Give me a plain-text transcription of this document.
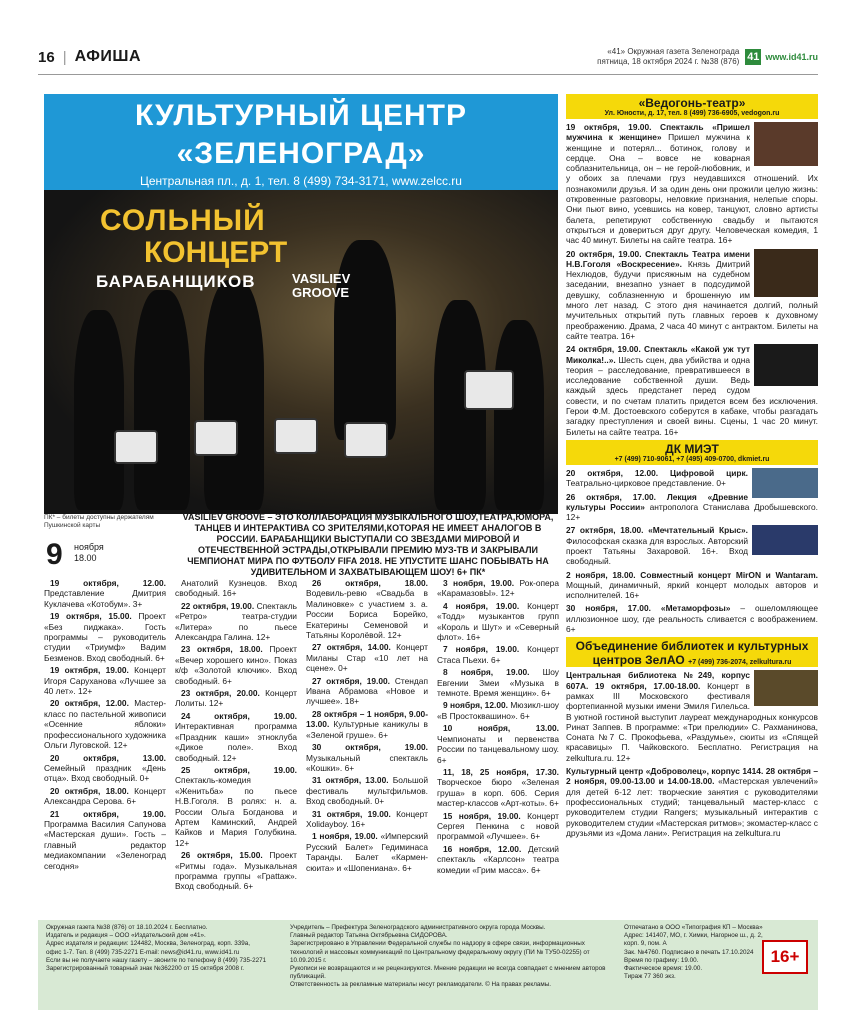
16 | АФИША	«41» Окружная газета Зеленограда
пятница, 18 октября 2024 г. №38 (876) 41 www.id41.ru
КУЛЬТУРНЫЙ ЦЕНТР
«ЗЕЛЕНОГРАД»
Центральная пл., д. 1, тел. 8 (499) 734-3171, www.zelcc.ru
СОЛЬНЫЙ
КОНЦЕРТ
БАРАБАНЩИКОВ	VASILIEV
GROOVE
ПК* – билеты доступны держателям Пушкинской карты
9 ноября
18.00
VASILIEV GROOVE – ЭТО КОЛЛАБОРАЦИЯ МУЗЫКАЛЬНОГО ШОУ,ТЕАТРА,ЮМОРА, ТАНЦЕВ И ИНТЕРАКТИВА СО ЗРИТЕЛЯМИ,КОТОРАЯ НЕ ИМЕЕТ АНАЛОГОВ В РОССИИ. БАРАБАНЩИКИ ВЫСТУПАЛИ СО ЗВЕЗДАМИ МИРОВОЙ И ОТЕЧЕСТВЕННОЙ ЭСТРАДЫ,ОТКРЫВАЛИ ПРЕМИЮ МУЗ-ТВ И ЗАКРЫВАЛИ ЧЕМПИОНАТ МИРА ПО ФУТБОЛУ FIFA 2018. НЕ УПУСТИТЕ ШАНС ПОБЫВАТЬ НА УДИВИТЕЛЬНОМ И ЗАХВАТЫВАЮЩЕМ ШОУ! 6+ ПК*

19 октября, 12.00. Представление Дмитрия Куклачева «Котобум». 3+

19 октября, 15.00. Проект «Без пиджака». Гость программы – руководитель студии «Триумф» Вадим Безменов. Вход свободный. 6+

19 октября, 19.00. Концерт Игоря Саруханова «Лучшее за 40 лет». 12+

20 октября, 12.00. Мастер-класс по пастельной живописи «Осенние яблоки» профессионального художника Ольги Луговской. 12+

20 октября, 13.00. Семейный праздник «День отца». Вход свободный. 0+

20 октября, 18.00. Концерт Александра Серова. 6+

21 октября, 19.00. Программа Василия Сапунова «Мастерская души». Гость – главный редактор медиакомпании «Зеленоград сегодня»

Анатолий Кузнецов. Вход свободный. 16+

22 октября, 19.00. Спектакль «Ретро» театра-студии «Литера» по пьесе Александра Галина. 12+

23 октября, 18.00. Проект «Вечер хорошего кино». Показ к/ф «Золотой ключик». Вход свободный. 6+

23 октября, 20.00. Концерт Лолиты. 12+

24 октября, 19.00. Интерактивная программа «Праздник каши» этноклуба «Дикое поле». Вход свободный. 12+

25 октября, 19.00. Спектакль-комедия «Женитьба» по пьесе Н.В.Гоголя. В ролях: н. а. России Ольга Богданова и Артем Каминский, Андрей Кайков и Мария Голубкина. 12+

26 октября, 15.00. Проект «Ритмы года». Музыкальная программа группы «Грattаж». Вход свободный. 6+

26 октября, 18.00. Водевиль-ревю «Свадьба в Малиновке» с участием з. а. России Бориса Борейко, Екатерины Семеновой и Татьяны Королёвой. 12+

27 октября, 14.00. Концерт Миланы Стар «10 лет на сцене». 0+

27 октября, 19.00. Стендап Ивана Абрамова «Новое и лучшее». 18+

28 октября – 1 ноября, 9.00-13.00. Культурные каникулы в «Зеленой груше». 6+

30 октября, 19.00. Музыкальный спектакль «Кошки». 6+

31 октября, 13.00. Большой фестиваль мультфильмов. Вход свободный. 0+

31 октября, 19.00. Концерт Xolidayboy. 16+

1 ноября, 19.00. «Имперский Русский Балет» Гедиминаса Таранды. Балет «Кармен-сюита» и «Шопениана». 6+

3 ноября, 19.00. Рок-опера «КарамазовЫ». 12+

4 ноября, 19.00. Концерт «Тодд» музыкантов групп «Король и Шут» и «Северный флот». 16+

7 ноября, 19.00. Концерт Стаса Пьехи. 6+

8 ноября, 19.00. Шоу Евгении Змеи «Музыка в темноте. Время женщин». 6+

9 ноября, 12.00. Мюзикл-шоу «В Простоквашино». 6+

10 ноября, 13.00. Чемпионаты и первенства России по танцевальному шоу. 6+

11, 18, 25 ноября, 17.30. Творческое бюро «Зеленая груша» в корп. 606. Серия мастер-классов «Арт-коты». 6+

15 ноября, 19.00. Концерт Сергея Пенкина с новой программой «Лучшее». 6+

16 ноября, 12.00. Детский спектакль «Карлсон» театра комедии «Грим масса». 6+

«Ведогонь-театр»
Ул. Юности, д. 17, тел. 8 (499) 736-6905, vedogon.ru
19 октября, 19.00. Спектакль «Пришел мужчина к женщине» Пришел мужчина к женщине и потерял... ботинок, голову и сердце. Она – вовсе не коварная соблазнительница, он – не герой-любовник, и у обоих за плечами груз неудавшихся отношений. Их познакомили друзья. И за один день они прожили целую жизнь: откровенные разговоры, неловкие признания, нелепые споры. Они пьют вино, усевшись на ковер, танцуют, словно артисты балета, репетируют собственную свадьбу и пытаются открыться и довериться друг другу. Человеческая комедия, 1 час 40 минут. Билеты на сайте театра. 16+
20 октября, 19.00. Спектакль Театра имени Н.В.Гоголя «Воскресение». Князь Дмитрий Нехлюдов, будучи присяжным на судебном заседании, внезапно узнает в подсудимой девушку, соблазненную и брошенную им много лет назад. С этого дня начинается долгий, полный мучительных открытий путь главных героев к духовному преображению. Драма, 2 часа 40 минут с антрактом. Билеты на сайте театра. 16+
24 октября, 19.00. Спектакль «Какой уж тут Миколка!..». Шесть сцен, два убийства и одна теория – расследование, превратившееся в исследование собственной души. Ведь каждый здесь предстанет перед судом совести, и по счетам платить придется всем без исключения. Герои Ф.М. Достоевского соберутся в кабаке, чтобы разгадать загадку преступления и своей вины. Сцены, 1 час 20 минут. Билеты на сайте театра. 16+
ДК МИЭТ
+7 (499) 710-9061, +7 (495) 409-0700, dkmiet.ru
20 октября, 12.00. Цифровой цирк. Театрально-цирковое представление. 0+
26 октября, 17.00. Лекция «Древние культуры России» антрополога Станислава Дробышевского. 12+
27 октября, 18.00. «Мечтательный Крыс». Философская сказка для взрослых. Авторский проект Татьяны Захаровой. 16+. Вход свободный.
2 ноября, 18.00. Совместный концерт MirON и Wantaram. Мощный, динамичный, яркий концерт молодых авторов и исполнителей. 16+
30 ноября, 17.00. «Метаморфозы» – ошеломляющее иллюзионное шоу, где реальность сливается с воображением. 6+
Объединение библиотек и культурных
центров ЗелАО +7 (499) 736-2074, zelkultura.ru
Центральная библиотека №249, корпус 607А. 19 октября, 17.00-18.00. Концерт в рамках III Московского фестиваля фортепианной музыки имени Эмиля Гилельса. В уютной гостиной выступит лауреат международных конкурсов Ринат Заппев. В программе: «Три прелюдии» С. Рахманинова, Соната №7 С. Прокофьева, «Раздумье», сюиты из «Спящей красавицы» П. Чайковского. Бесплатно. Регистрация на zelkultura.ru. 12+
Культурный центр «Доброволец», корпус 1414. 28 октября – 2 ноября, 09.00-13.00 и 14.00-18.00. «Мастерская увлечений» для детей 6-12 лет: творческие занятия с руководителями профессиональных студий; танцевальный мастер-класс с руководителем студии Rangers; музыкальный интерактив с руководителем студии «Мастерская ритмов»; экомастер-класс с друзьями из «Дома лани». Регистрация на zelkultura.ru
Окружная газета №38 (876) от 18.10.2024 г. Бесплатно.
Издатель и редакция – ООО «Издательский дом «41».
Адрес издателя и редакции: 124482, Москва, Зеленоград, корп. 339а,
офис 1-7. Тел. 8 (499) 735-2271 E-mail: news@id41.ru, www.id41.ru
Если вы не получаете нашу газету – звоните по телефону 8 (499) 735-2271
Зарегистрированный товарный знак №362200 от 15 октября 2008 г.
Учредитель – Префектура Зеленоградского административного округа города Москвы.
Главный редактор Татьяна Октябрьевна СИДОРОВА.
Зарегистрировано в Управлении Федеральной службы по надзору в сфере связи, информационных
технологий и массовых коммуникаций по Центральному федеральному округу (ПИ № ТУ50-02255) от 10.09.2015 г.
Рукописи не возвращаются и не рецензируются. Мнение редакции не всегда совпадает с мнением авторов публикаций.
Ответственность за рекламные материалы несут рекламодатели. © На правах рекламы.
Отпечатано в ООО «Типография КП – Москва»
Адрес: 141407, МО, г. Химки, Нагорное ш., д. 2, корп. 9, пом. А
Зак. №4760. Подписано в печать 17.10.2024
Время по графику: 19.00.
Фактическое время: 19.00.
Тираж 77 360 экз.
16+
